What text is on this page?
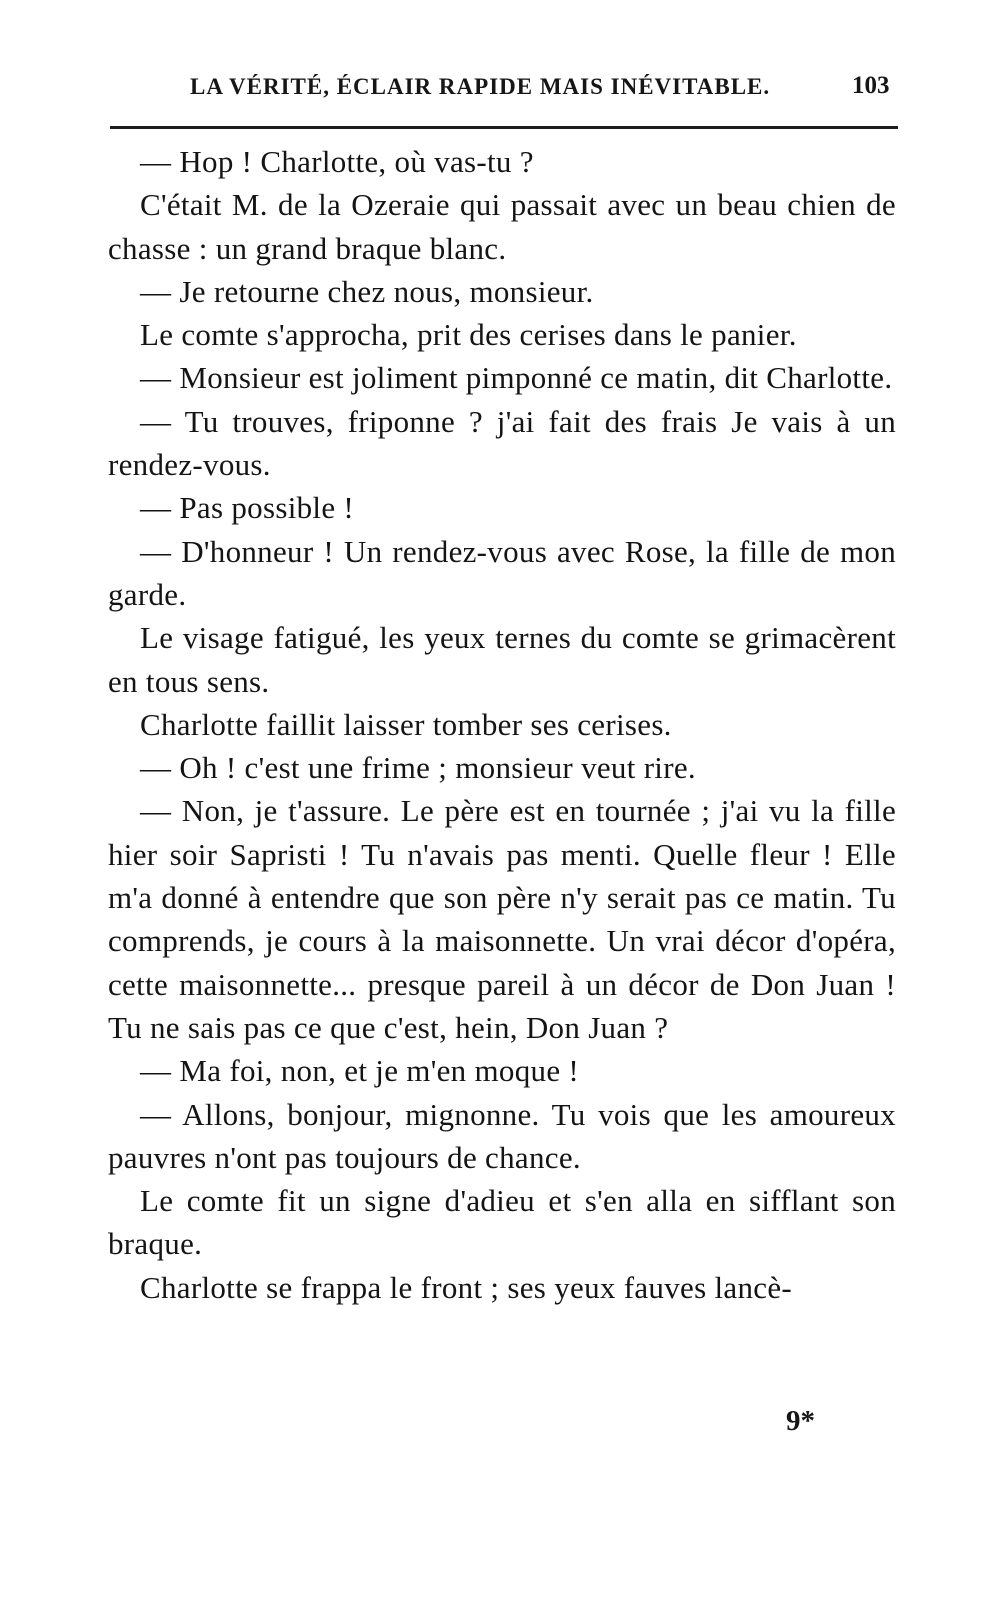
LA VÉRITÉ, ÉCLAIR RAPIDE MAIS INÉVITABLE.	103

— Hop ! Charlotte, où vas-tu ?

C'était M. de la Ozeraie qui passait avec un beau chien de chasse : un grand braque blanc.

— Je retourne chez nous, monsieur.

Le comte s'approcha, prit des cerises dans le panier.

— Monsieur est joliment pimponné ce matin, dit Charlotte.

— Tu trouves, friponne ? j'ai fait des frais Je vais à un rendez-vous.

— Pas possible !

— D'honneur ! Un rendez-vous avec Rose, la fille de mon garde.

Le visage fatigué, les yeux ternes du comte se grimacèrent en tous sens.

Charlotte faillit laisser tomber ses cerises.

— Oh ! c'est une frime ; monsieur veut rire.

— Non, je t'assure. Le père est en tournée ; j'ai vu la fille hier soir Sapristi ! Tu n'avais pas menti. Quelle fleur ! Elle m'a donné à entendre que son père n'y serait pas ce matin. Tu comprends, je cours à la maisonnette. Un vrai décor d'opéra, cette maisonnette... presque pareil à un décor de Don Juan ! Tu ne sais pas ce que c'est, hein, Don Juan ?

— Ma foi, non, et je m'en moque !

— Allons, bonjour, mignonne. Tu vois que les amoureux pauvres n'ont pas toujours de chance.

Le comte fit un signe d'adieu et s'en alla en sifflant son braque.

Charlotte se frappa le front ; ses yeux fauves lancè-

9*
